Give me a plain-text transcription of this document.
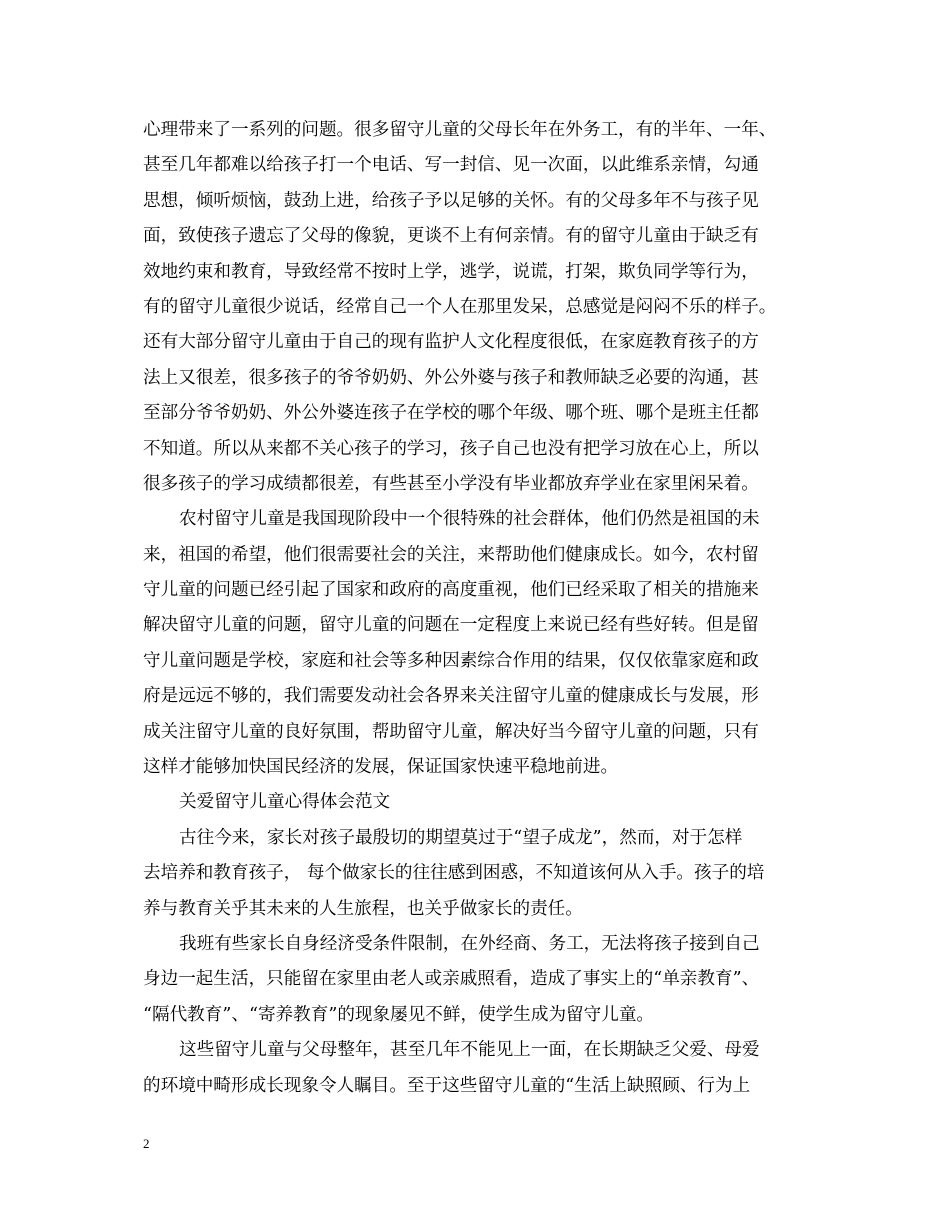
心理带来了一系列的问题。很多留守儿童的父母长年在外务工，有的半年、一年、
甚至几年都难以给孩子打一个电话、写一封信、见一次面，以此维系亲情，勾通
思想，倾听烦恼，鼓劲上进，给孩子予以足够的关怀。有的父母多年不与孩子见
面，致使孩子遗忘了父母的像貌，更谈不上有何亲情。有的留守儿童由于缺乏有
效地约束和教育，导致经常不按时上学，逃学，说谎，打架，欺负同学等行为，
有的留守儿童很少说话，经常自己一个人在那里发呆，总感觉是闷闷不乐的样子。
还有大部分留守儿童由于自己的现有监护人文化程度很低，在家庭教育孩子的方
法上又很差，很多孩子的爷爷奶奶、外公外婆与孩子和教师缺乏必要的沟通，甚
至部分爷爷奶奶、外公外婆连孩子在学校的哪个年级、哪个班、哪个是班主任都
不知道。所以从来都不关心孩子的学习，孩子自己也没有把学习放在心上，所以
很多孩子的学习成绩都很差，有些甚至小学没有毕业都放弃学业在家里闲呆着。
农村留守儿童是我国现阶段中一个很特殊的社会群体，他们仍然是祖国的未
来，祖国的希望，他们很需要社会的关注，来帮助他们健康成长。如今，农村留
守儿童的问题已经引起了国家和政府的高度重视，他们已经采取了相关的措施来
解决留守儿童的问题，留守儿童的问题在一定程度上来说已经有些好转。但是留
守儿童问题是学校，家庭和社会等多种因素综合作用的结果，仅仅依靠家庭和政
府是远远不够的，我们需要发动社会各界来关注留守儿童的健康成长与发展，形
成关注留守儿童的良好氛围，帮助留守儿童，解决好当今留守儿童的问题，只有
这样才能够加快国民经济的发展，保证国家快速平稳地前进。
关爱留守儿童心得体会范文
古往今来，家长对孩子最殷切的期望莫过于“望子成龙”，然而，对于怎样
去培养和教育孩子， 每个做家长的往往感到困惑，不知道该何从入手。孩子的培
养与教育关乎其未来的人生旅程，也关乎做家长的责任。
我班有些家长自身经济受条件限制，在外经商、务工，无法将孩子接到自己
身边一起生活，只能留在家里由老人或亲戚照看，造成了事实上的“单亲教育”、
“隔代教育”、“寄养教育”的现象屡见不鲜，使学生成为留守儿童。
这些留守儿童与父母整年，甚至几年不能见上一面，在长期缺乏父爱、母爱
的环境中畸形成长现象令人瞩目。至于这些留守儿童的“生活上缺照顾、行为上
2
